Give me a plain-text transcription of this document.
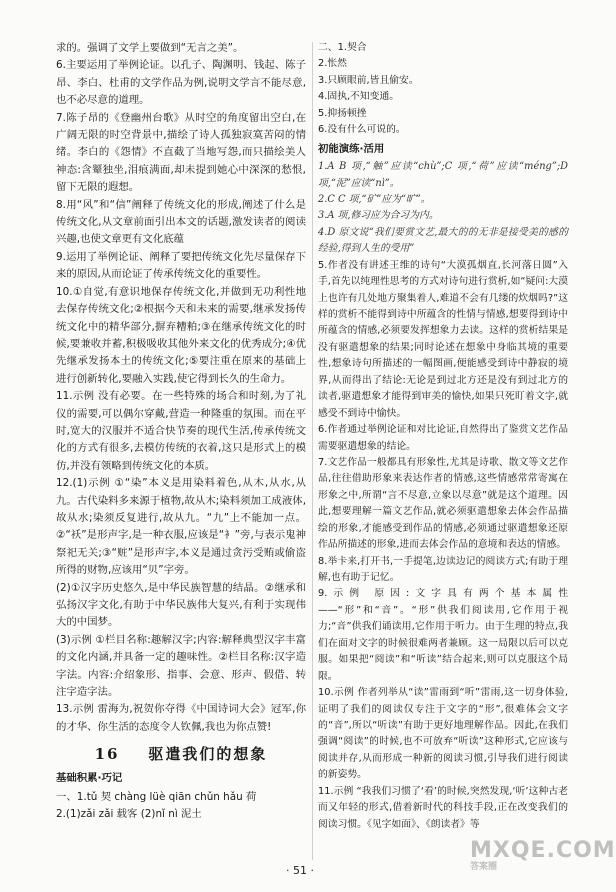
求的。强调了文学上要做到“无言之美”。

6.主要运用了举例论证。以孔子、陶渊明、钱起、陈子昂、李白、杜甫的文学作品为例,说明文学言不能尽意,也不必尽意的道理。

7.陈子昂的《登幽州台歌》从时空的角度留出空白,在广阔无限的时空背景中,描绘了诗人孤独寂寞苦闷的情绪。李白的《怨情》不直截了当地写怨,而只描绘美人神态:含颦独坐,泪痕满面,却未提到她心中深深的愁恨,留下无限的遐想。

8.用“风”和“信”阐释了传统文化的形成,阐述了什么是传统文化,从文章前面引出本文的话题,激发读者的阅读兴趣,也使文章更有文化底蕴

9.运用了举例论证、阐释了要把传统文化先尽量保存下来的原因,从而论证了传承传统文化的重要性。

10.①自觉,有意识地保存传统文化,并做到无功利性地去保存传统文化;②根据今天和未来的需要,继承发扬传统文化中的精华部分,摒弃糟粕;③在继承传统文化的时候,要兼收并蓄,积极吸收其他外来文化的优秀成分;④优先继承发扬本土的传统文化;⑤要注重在原来的基础上进行创新转化,要融入实践,使它得到长久的生命力。

11.示例 没有必要。在一些特殊的场合和时刻,为了礼仪的需要,可以偶尔穿戴,营造一种隆重的氛围。而在平时,宽大的汉服并不适合快节奏的现代生活,传承传统文化的方式有很多,去模仿传统的衣着,这只是形式上的模仿,并没有领略到传统文化的本质。

12.(1)示例 ①“染”本义是用染料着色,从木,从水,从九。古代染料多来源于植物,故从木;染料须加工成液体,故从水;染须反复进行,故从九。“九”上不能加一点。②“袄”是形声字,是一种衣服,应该是“衤”旁,与表示鬼神祭祀无关;③“赃”是形声字,本义是通过贪污受贿或偷盗所得的财物,应该用“贝”字旁。

(2)①汉字历史悠久,是中华民族智慧的结晶。②继承和弘扬汉字文化,有助于中华民族伟大复兴,有利于实现伟大的中国梦。

(3)示例 ①栏目名称:趣解汉字;内容:解释典型汉字丰富的文化内涵,并具备一定的趣味性。②栏目名称:汉字造字法。内容:介绍象形、指事、会意、形声、假借、转注字造字法。

13.示例 雷海为,祝贺你夺得《中国诗词大会》冠军,你的才华、你生活的态度令人钦佩,我也为你点赞!

16 驱遣我们的想象
基础积累·巧记

一、1.tǔ 契 chàng lüè qiān chǔn hǎu 荷

2.(1)zǎi zǎi 载客 (2)nǐ nì 泥土

二、1.契合

2.怅然

3.只顾眼前,皆且偷安。

4.固执,不知变通。

5.抑扬顿挫

6.没有什么可说的。

初能演练·活用

1.A B 项,“触”应读“chù”;C 项,“荷”应读“méng”;D 项,“泥”应读“nì”。

2.C C 项,“矿”应为“旷”。

3.A 项,修习应为合习为内。

4.D 原文说“我们要赏文艺,最大的的无非是接受美的感的经验,得到人生的受用”

5.作者没有讲述王维的诗句“大漠孤烟直,长河落日圆”入手,首先以纯理性思考的方式对诗句进行赏析,如“疑问:大漠上也许有几处地方聚集着人,难道不会有几缕的炊烟吗?”这样的赏析不能得到诗中所蕴含的性情与情感,想要得到诗中所蕴含的情感,必须要发挥想象力去读。这样的赏析结果是没有驱遣想象的结果;同时论述在想象中身临其境的重要性,想象诗句所描述的一幅图画,便能感受到诗中静寂的境界,从而得出了结论:无论是到过北方还是没有到过北方的读者,驱遣想象才能得到审美的愉快,如果只死盯着文字,就感受不到诗中愉快。

6.作者通过举例论证和对比论证,自然得出了鉴赏文艺作品需要驱遣想象的结论。

7.文艺作品一般都具有形象性,尤其是诗歌、散文等文艺作品,往往借助形象来表达作者的情感,这些情感常常寄寓在形象之中,所谓“言不尽意,立象以尽意”就是这个道理。因此,想要理解一篇文艺作品,就必须驱遣想象去体会作品描绘的形象,才能感受到作品的情感,必须通过驱遣想象还原作品所描述的形象,进而去体会作品的意境和表达的情感。

8.举卡来,打开书,一手提笔,边读边记的阅读方式;有助于理解,也有助于记忆。

9.示例 原因:文字具有两个基本属性——“形”和“音”。“形”供我们阅读用,它作用于视力;“音”供我们诵读用,它作用于听力。由于生理的特点,我们在面对文字的时候很难两者兼顾。这一局限以后可以克服。如果把“阅读”和“听读”结合起来,则可以克服这个局限。

10.示例 作者列举从“读”雷雨到“听”雷雨,这一切身体验,证明了我们的阅读仅专注于文字的“形”,很难体会文字的“音”,所以“听读”有助于更好地理解作品。因此,在我们强调“阅读”的时候,也不可放弃“听读”这种形式,它应该与阅读并存,从而形成一种新的阅读习惯,引导我们进行阅读的新姿势。

11.示例 “我我们习惯了‘看’的时候,突然发现,‘听’这种古老而又年轻的形式,借着新时代的科技手段,正在改变我们的阅读习惯。《见字如面》、《朗读者》等

· 51 ·
MXQE.COM
答案圈
